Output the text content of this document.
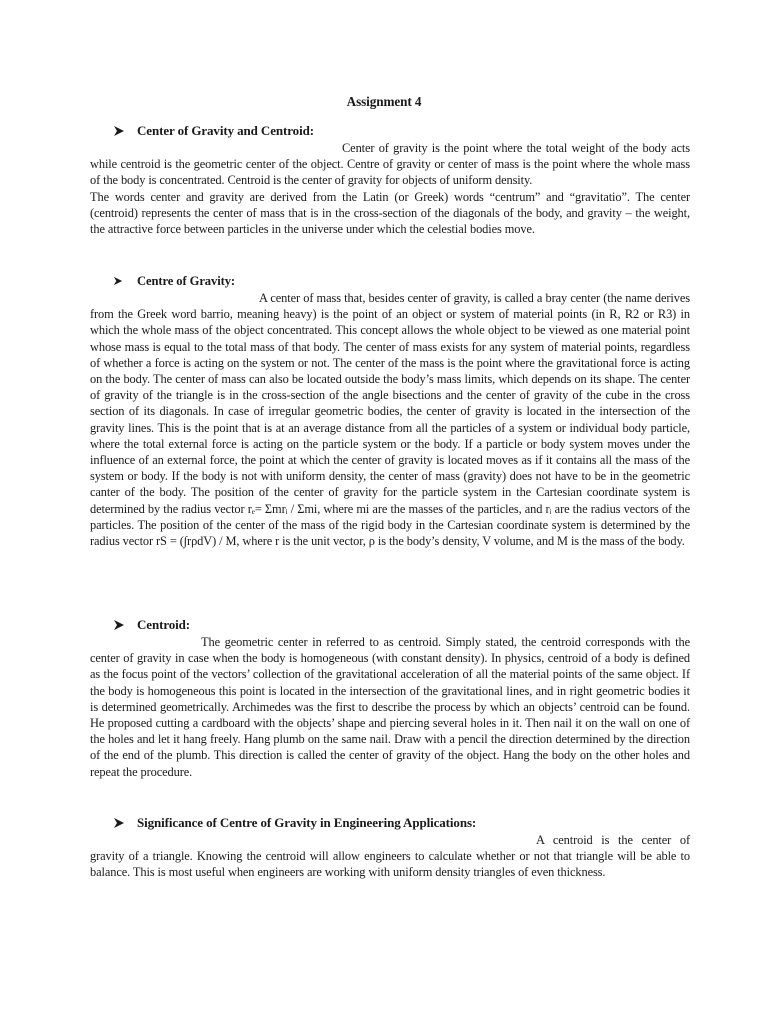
Assignment 4
Center of Gravity and Centroid:

Center of gravity is the point where the total weight of the body acts while centroid is the geometric center of the object. Centre of gravity or center of mass is the point where the whole mass of the body is concentrated. Centroid is the center of gravity for objects of uniform density.

The words center and gravity are derived from the Latin (or Greek) words “centrum” and “gravitatio”. The center (centroid) represents the center of mass that is in the cross-section of the diagonals of the body, and gravity – the weight, the attractive force between particles in the universe under which the celestial bodies move.

Centre of Gravity:

A center of mass that, besides center of gravity, is called a bray center (the name derives from the Greek word barrio, meaning heavy) is the point of an object or system of material points (in R, R2 or R3) in which the whole mass of the object concentrated. This concept allows the whole object to be viewed as one material point whose mass is equal to the total mass of that body. The center of mass exists for any system of material points, regardless of whether a force is acting on the system or not. The center of the mass is the point where the gravitational force is acting on the body. The center of mass can also be located outside the body’s mass limits, which depends on its shape. The center of gravity of the triangle is in the cross-section of the angle bisections and the center of gravity of the cube in the cross section of its diagonals. In case of irregular geometric bodies, the center of gravity is located in the intersection of the gravity lines. This is the point that is at an average distance from all the particles of a system or individual body particle, where the total external force is acting on the particle system or the body. If a particle or body system moves under the influence of an external force, the point at which the center of gravity is located moves as if it contains all the mass of the system or body. If the body is not with uniform density, the center of mass (gravity) does not have to be in the geometric canter of the body. The position of the center of gravity for the particle system in the Cartesian coordinate system is determined by the radius vector rₑ= Σmrᵢ / Σmi, where mi are the masses of the particles, and rᵢ are the radius vectors of the particles. The position of the center of the mass of the rigid body in the Cartesian coordinate system is determined by the radius vector rS = (∫rρdV) / M, where r is the unit vector, ρ is the body’s density, V volume, and M is the mass of the body.

Centroid:

The geometric center in referred to as centroid. Simply stated, the centroid corresponds with the center of gravity in case when the body is homogeneous (with constant density). In physics, centroid of a body is defined as the focus point of the vectors’ collection of the gravitational acceleration of all the material points of the same object. If the body is homogeneous this point is located in the intersection of the gravitational lines, and in right geometric bodies it is determined geometrically. Archimedes was the first to describe the process by which an objects’ centroid can be found. He proposed cutting a cardboard with the objects’ shape and piercing several holes in it. Then nail it on the wall on one of the holes and let it hang freely. Hang plumb on the same nail. Draw with a pencil the direction determined by the direction of the end of the plumb. This direction is called the center of gravity of the object. Hang the body on the other holes and repeat the procedure.

Significance of Centre of Gravity in Engineering Applications:

A centroid is the center of gravity of a triangle. Knowing the centroid will allow engineers to calculate whether or not that triangle will be able to balance. This is most useful when engineers are working with uniform density triangles of even thickness.
